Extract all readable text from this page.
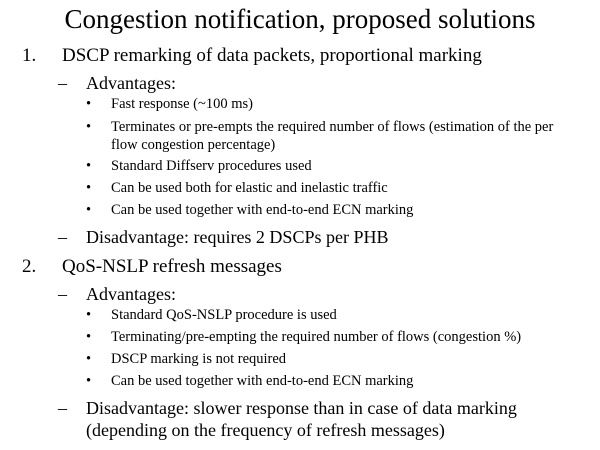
Congestion notification, proposed solutions
1. DSCP remarking of data packets, proportional marking
– Advantages:
• Fast response (~100 ms)
• Terminates or pre-empts the required number of flows (estimation of the per flow congestion percentage)
• Standard Diffserv procedures used
• Can be used both for elastic and inelastic traffic
• Can be used together with end-to-end ECN marking
– Disadvantage: requires 2 DSCPs per PHB
2. QoS-NSLP refresh messages
– Advantages:
• Standard QoS-NSLP procedure is used
• Terminating/pre-empting the required number of flows (congestion %)
• DSCP marking is not required
• Can be used together with end-to-end ECN marking
– Disadvantage: slower response than in case of data marking (depending on the frequency of refresh messages)
